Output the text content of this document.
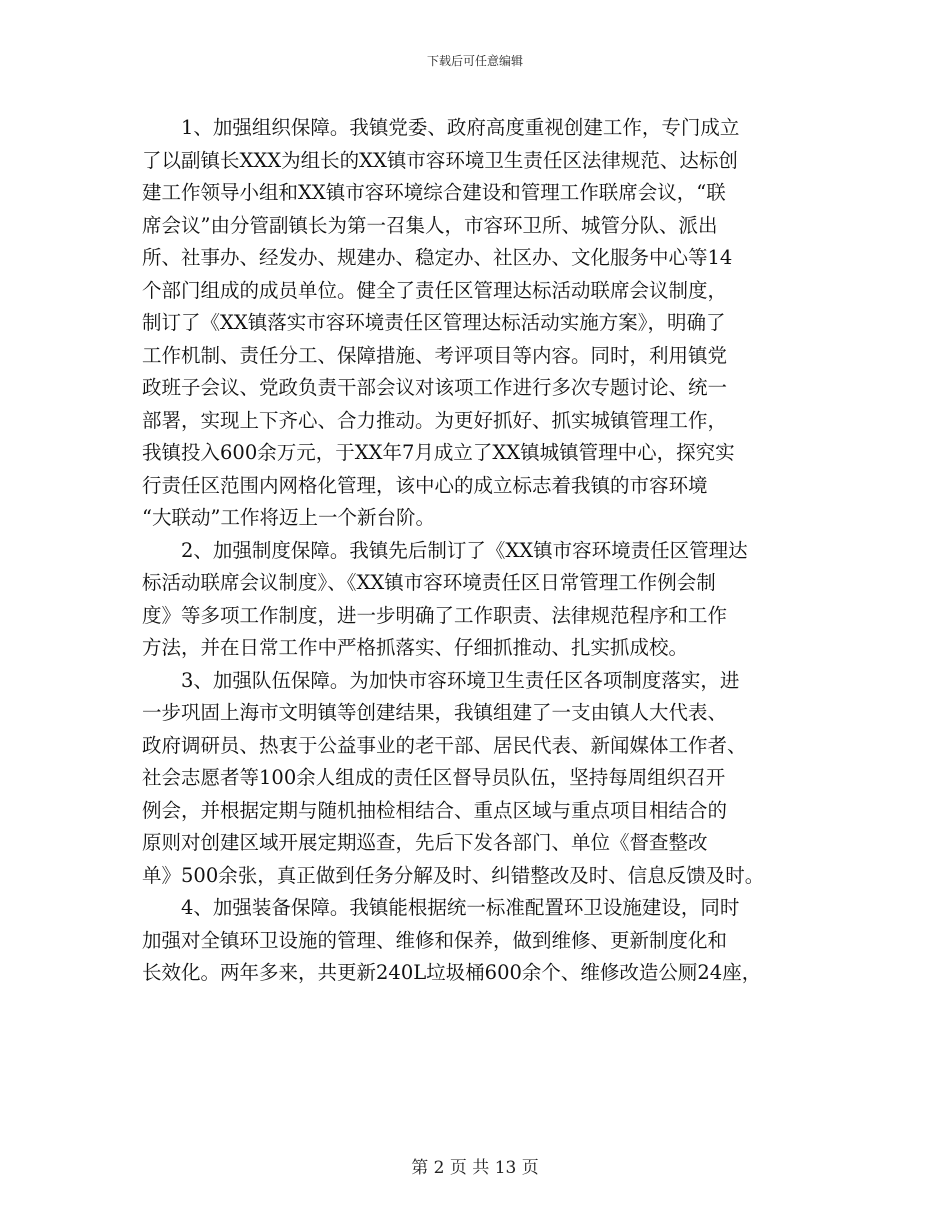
下载后可任意编辑
　　1、加强组织保障。我镇党委、政府高度重视创建工作，专门成立
了以副镇长XXX为组长的XX镇市容环境卫生责任区法律规范、达标创
建工作领导小组和XX镇市容环境综合建设和管理工作联席会议，“联
席会议”由分管副镇长为第一召集人，市容环卫所、城管分队、派出
所、社事办、经发办、规建办、稳定办、社区办、文化服务中心等14
个部门组成的成员单位。健全了责任区管理达标活动联席会议制度，
制订了《XX镇落实市容环境责任区管理达标活动实施方案》，明确了
工作机制、责任分工、保障措施、考评项目等内容。同时，利用镇党
政班子会议、党政负责干部会议对该项工作进行多次专题讨论、统一
部署，实现上下齐心、合力推动。为更好抓好、抓实城镇管理工作，
我镇投入600余万元，于XX年7月成立了XX镇城镇管理中心，探究实
行责任区范围内网格化管理，该中心的成立标志着我镇的市容环境
“大联动”工作将迈上一个新台阶。
　　2、加强制度保障。我镇先后制订了《XX镇市容环境责任区管理达
标活动联席会议制度》、《XX镇市容环境责任区日常管理工作例会制
度》等多项工作制度，进一步明确了工作职责、法律规范程序和工作
方法，并在日常工作中严格抓落实、仔细抓推动、扎实抓成校。
　　3、加强队伍保障。为加快市容环境卫生责任区各项制度落实，进
一步巩固上海市文明镇等创建结果，我镇组建了一支由镇人大代表、
政府调研员、热衷于公益事业的老干部、居民代表、新闻媒体工作者、
社会志愿者等100余人组成的责任区督导员队伍，坚持每周组织召开
例会，并根据定期与随机抽检相结合、重点区域与重点项目相结合的
原则对创建区域开展定期巡查，先后下发各部门、单位《督查整改
单》500余张，真正做到任务分解及时、纠错整改及时、信息反馈及时。
　　4、加强装备保障。我镇能根据统一标准配置环卫设施建设，同时
加强对全镇环卫设施的管理、维修和保养，做到维修、更新制度化和
长效化。两年多来，共更新240L垃圾桶600余个、维修改造公厕24座，
第 2 页 共 13 页
